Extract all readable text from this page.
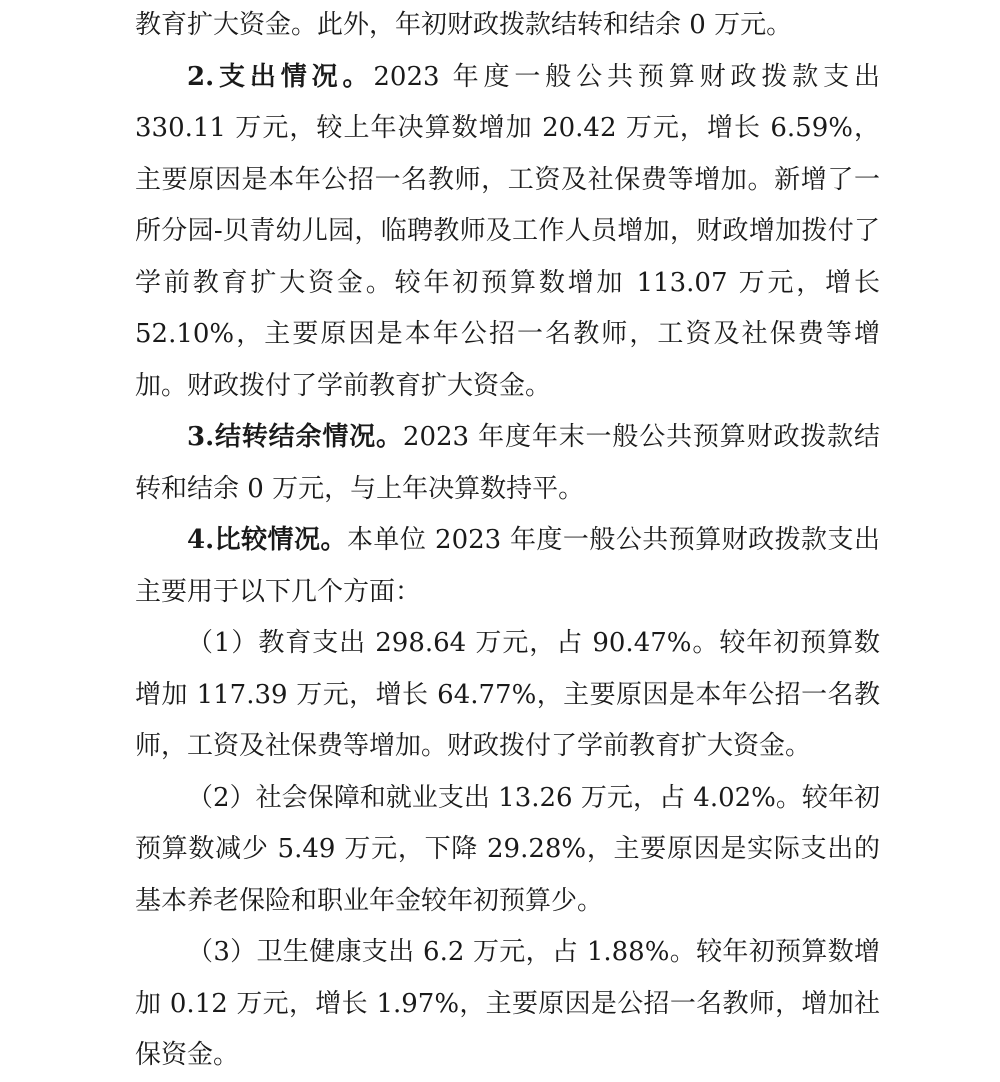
教育扩大资金。此外，年初财政拨款结转和结余 0 万元。

2.支出情况。2023 年度一般公共预算财政拨款支出 330.11 万元，较上年决算数增加 20.42 万元，增长 6.59%，主要原因是本年公招一名教师，工资及社保费等增加。新增了一所分园-贝青幼儿园，临聘教师及工作人员增加，财政增加拨付了学前教育扩大资金。较年初预算数增加 113.07 万元，增长 52.10%，主要原因是本年公招一名教师，工资及社保费等增加。财政拨付了学前教育扩大资金。

3.结转结余情况。2023 年度年末一般公共预算财政拨款结转和结余 0 万元，与上年决算数持平。

4.比较情况。本单位 2023 年度一般公共预算财政拨款支出主要用于以下几个方面：

（1）教育支出 298.64 万元，占 90.47%。较年初预算数增加 117.39 万元，增长 64.77%，主要原因是本年公招一名教师，工资及社保费等增加。财政拨付了学前教育扩大资金。

（2）社会保障和就业支出 13.26 万元，占 4.02%。较年初预算数减少 5.49 万元，下降 29.28%，主要原因是实际支出的基本养老保险和职业年金较年初预算少。

（3）卫生健康支出 6.2 万元，占 1.88%。较年初预算数增加 0.12 万元，增长 1.97%，主要原因是公招一名教师，增加社保资金。
